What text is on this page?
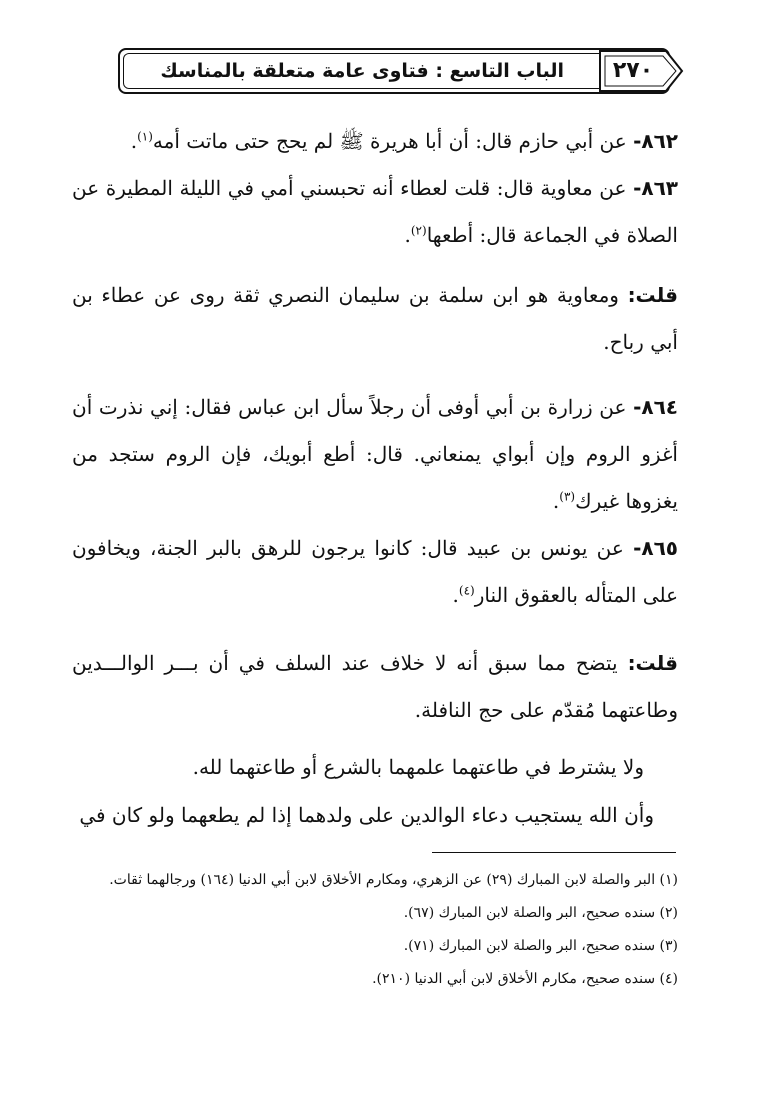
الباب التاسع : فتاوى عامة متعلقة بالمناسك	٢٧٠

٨٦٢- عن أبي حازم قال: أن أبا هريرة ﷺ لم يحج حتى ماتت أمه$^{(١)}$.

٨٦٣- عن معاوية قال: قلت لعطاء أنه تحبسني أمي في الليلة المطيرة عن الصلاة في الجماعة قال: أطعها$^{(٢)}$.

قلت: ومعاوية هو ابن سلمة بن سليمان النصري ثقة روى عن عطاء بن أبي رباح.

٨٦٤- عن زرارة بن أبي أوفى أن رجلاً سأل ابن عباس فقال: إني نذرت أن أغزو الروم وإن أبواي يمنعاني. قال: أطع أبويك، فإن الروم ستجد من يغزوها غيرك$^{(٣)}$.

٨٦٥- عن يونس بن عبيد قال: كانوا يرجون للرهق بالبر الجنة، ويخافون على المتأله بالعقوق النار$^{(٤)}$.

قلت: يتضح مما سبق أنه لا خلاف عند السلف في أن بـــر الوالـــدين وطاعتهما مُقدّم على حج النافلة.

ولا يشترط في طاعتهما علمهما بالشرع أو طاعتهما لله.

وأن الله يستجيب دعاء الوالدين على ولدهما إذا لم يطعهما ولو كان في

(١) البر والصلة لابن المبارك (٢٩) عن الزهري، ومكارم الأخلاق لابن أبي الدنيا (١٦٤) ورجالهما ثقات.

(٢) سنده صحيح، البر والصلة لابن المبارك (٦٧).

(٣) سنده صحيح، البر والصلة لابن المبارك (٧١).

(٤) سنده صحيح، مكارم الأخلاق لابن أبي الدنيا (٢١٠).
